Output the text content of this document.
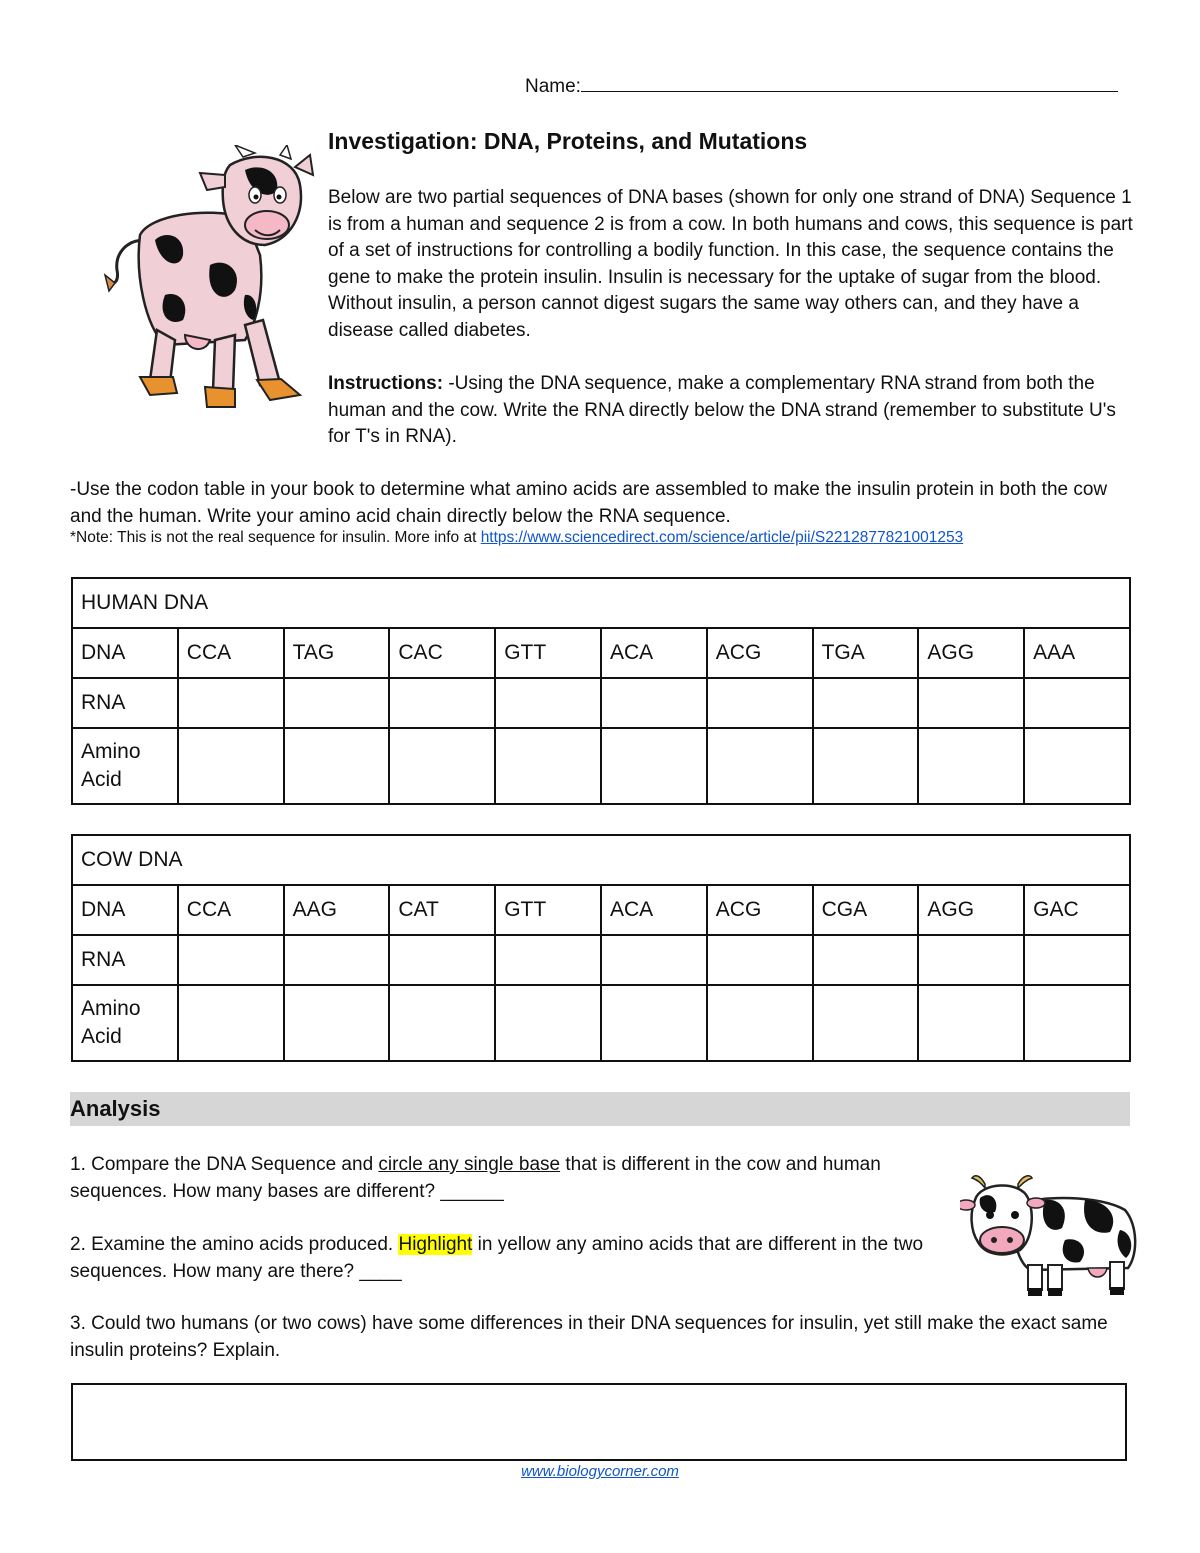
Name:
Investigation: DNA, Proteins, and Mutations
Below are two partial sequences of DNA bases (shown for only one strand of DNA) Sequence 1 is from a human and sequence 2 is from a cow. In both humans and cows, this sequence is part of a set of instructions for controlling a bodily function. In this case, the sequence contains the gene to make the protein insulin. Insulin is necessary for the uptake of sugar from the blood. Without insulin, a person cannot digest sugars the same way others can, and they have a disease called diabetes.
Instructions: -Using the DNA sequence, make a complementary RNA strand from both the human and the cow. Write the RNA directly below the DNA strand (remember to substitute U's for T's in RNA).
-Use the codon table in your book to determine what amino acids are assembled to make the insulin protein in both the cow and the human. Write your amino acid chain directly below the RNA sequence.
*Note: This is not the real sequence for insulin. More info at https://www.sciencedirect.com/science/article/pii/S2212877821001253
HUMAN DNA									
DNA	CCA	TAG	CAC	GTT	ACA	ACG	TGA	AGG	AAA
RNA									
Amino Acid									
COW DNA									
DNA	CCA	AAG	CAT	GTT	ACA	ACG	CGA	AGG	GAC
RNA									
Amino Acid									
Analysis
1. Compare the DNA Sequence and circle any single base that is different in the cow and human sequences. How many bases are different? ______
2. Examine the amino acids produced. Highlight in yellow any amino acids that are different in the two sequences. How many are there? ____
3. Could two humans (or two cows) have some differences in their DNA sequences for insulin, yet still make the exact same insulin proteins? Explain.
www.biologycorner.com
